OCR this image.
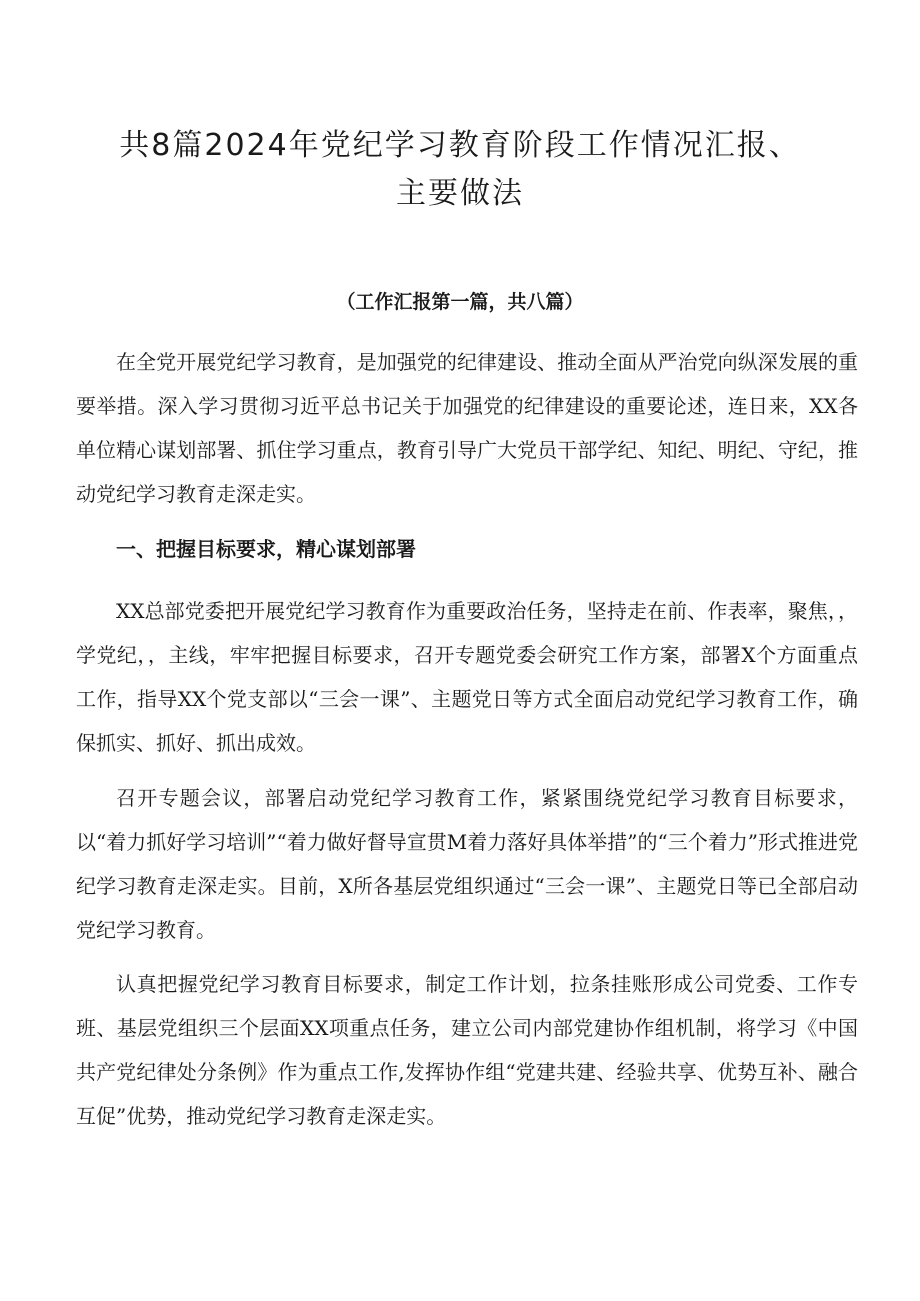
共8篇2024年党纪学习教育阶段工作情况汇报、主要做法

（工作汇报第一篇，共八篇）

在全党开展党纪学习教育，是加强党的纪律建设、推动全面从严治党向纵深发展的重要举措。深入学习贯彻习近平总书记关于加强党的纪律建设的重要论述，连日来，XX各单位精心谋划部署、抓住学习重点，教育引导广大党员干部学纪、知纪、明纪、守纪，推动党纪学习教育走深走实。

一、把握目标要求，精心谋划部署

XX总部党委把开展党纪学习教育作为重要政治任务，坚持走在前、作表率，聚焦，，学党纪，，主线，牢牢把握目标要求，召开专题党委会研究工作方案，部署X个方面重点工作，指导XX个党支部以“三会一课”、主题党日等方式全面启动党纪学习教育工作，确保抓实、抓好、抓出成效。

召开专题会议，部署启动党纪学习教育工作，紧紧围绕党纪学习教育目标要求，以“着力抓好学习培训”“着力做好督导宣贯M着力落好具体举措”的“三个着力”形式推进党纪学习教育走深走实。目前，X所各基层党组织通过“三会一课”、主题党日等已全部启动党纪学习教育。

认真把握党纪学习教育目标要求，制定工作计划，拉条挂账形成公司党委、工作专班、基层党组织三个层面XX项重点任务，建立公司内部党建协作组机制，将学习《中国共产党纪律处分条例》作为重点工作,发挥协作组“党建共建、经验共享、优势互补、融合互促”优势，推动党纪学习教育走深走实。
